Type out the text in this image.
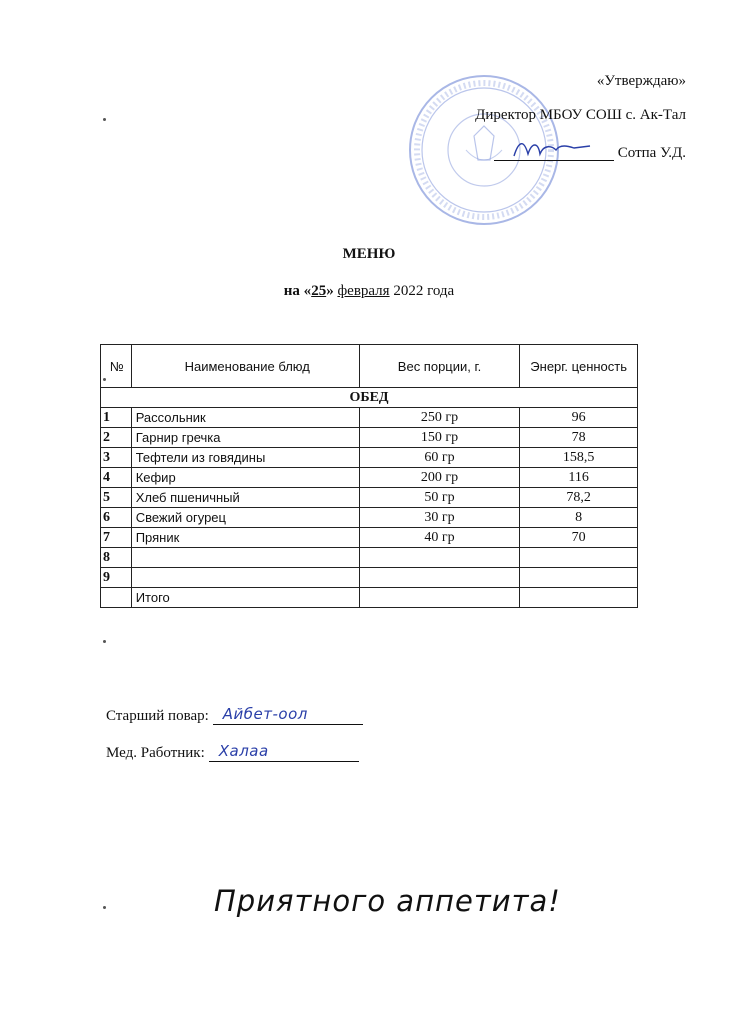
«Утверждаю»
Директор МБОУ СОШ с. Ак-Тал
Сотпа У.Д.
МЕНЮ
на «25» февраля 2022 года
№	Наименование блюд	Вес порции, г.	Энерг. ценность
ОБЕД			
1	Рассольник	250 гр	96
2	Гарнир гречка	150 гр	78
3	Тефтели из говядины	60 гр	158,5
4	Кефир	200 гр	116
5	Хлеб пшеничный	50 гр	78,2
6	Свежий огурец	30 гр	8
7	Пряник	40 гр	70
8			
9			
	Итого		
Старший повар: Айбет-оол
Мед. Работник: Халаа
Приятного аппетита!
